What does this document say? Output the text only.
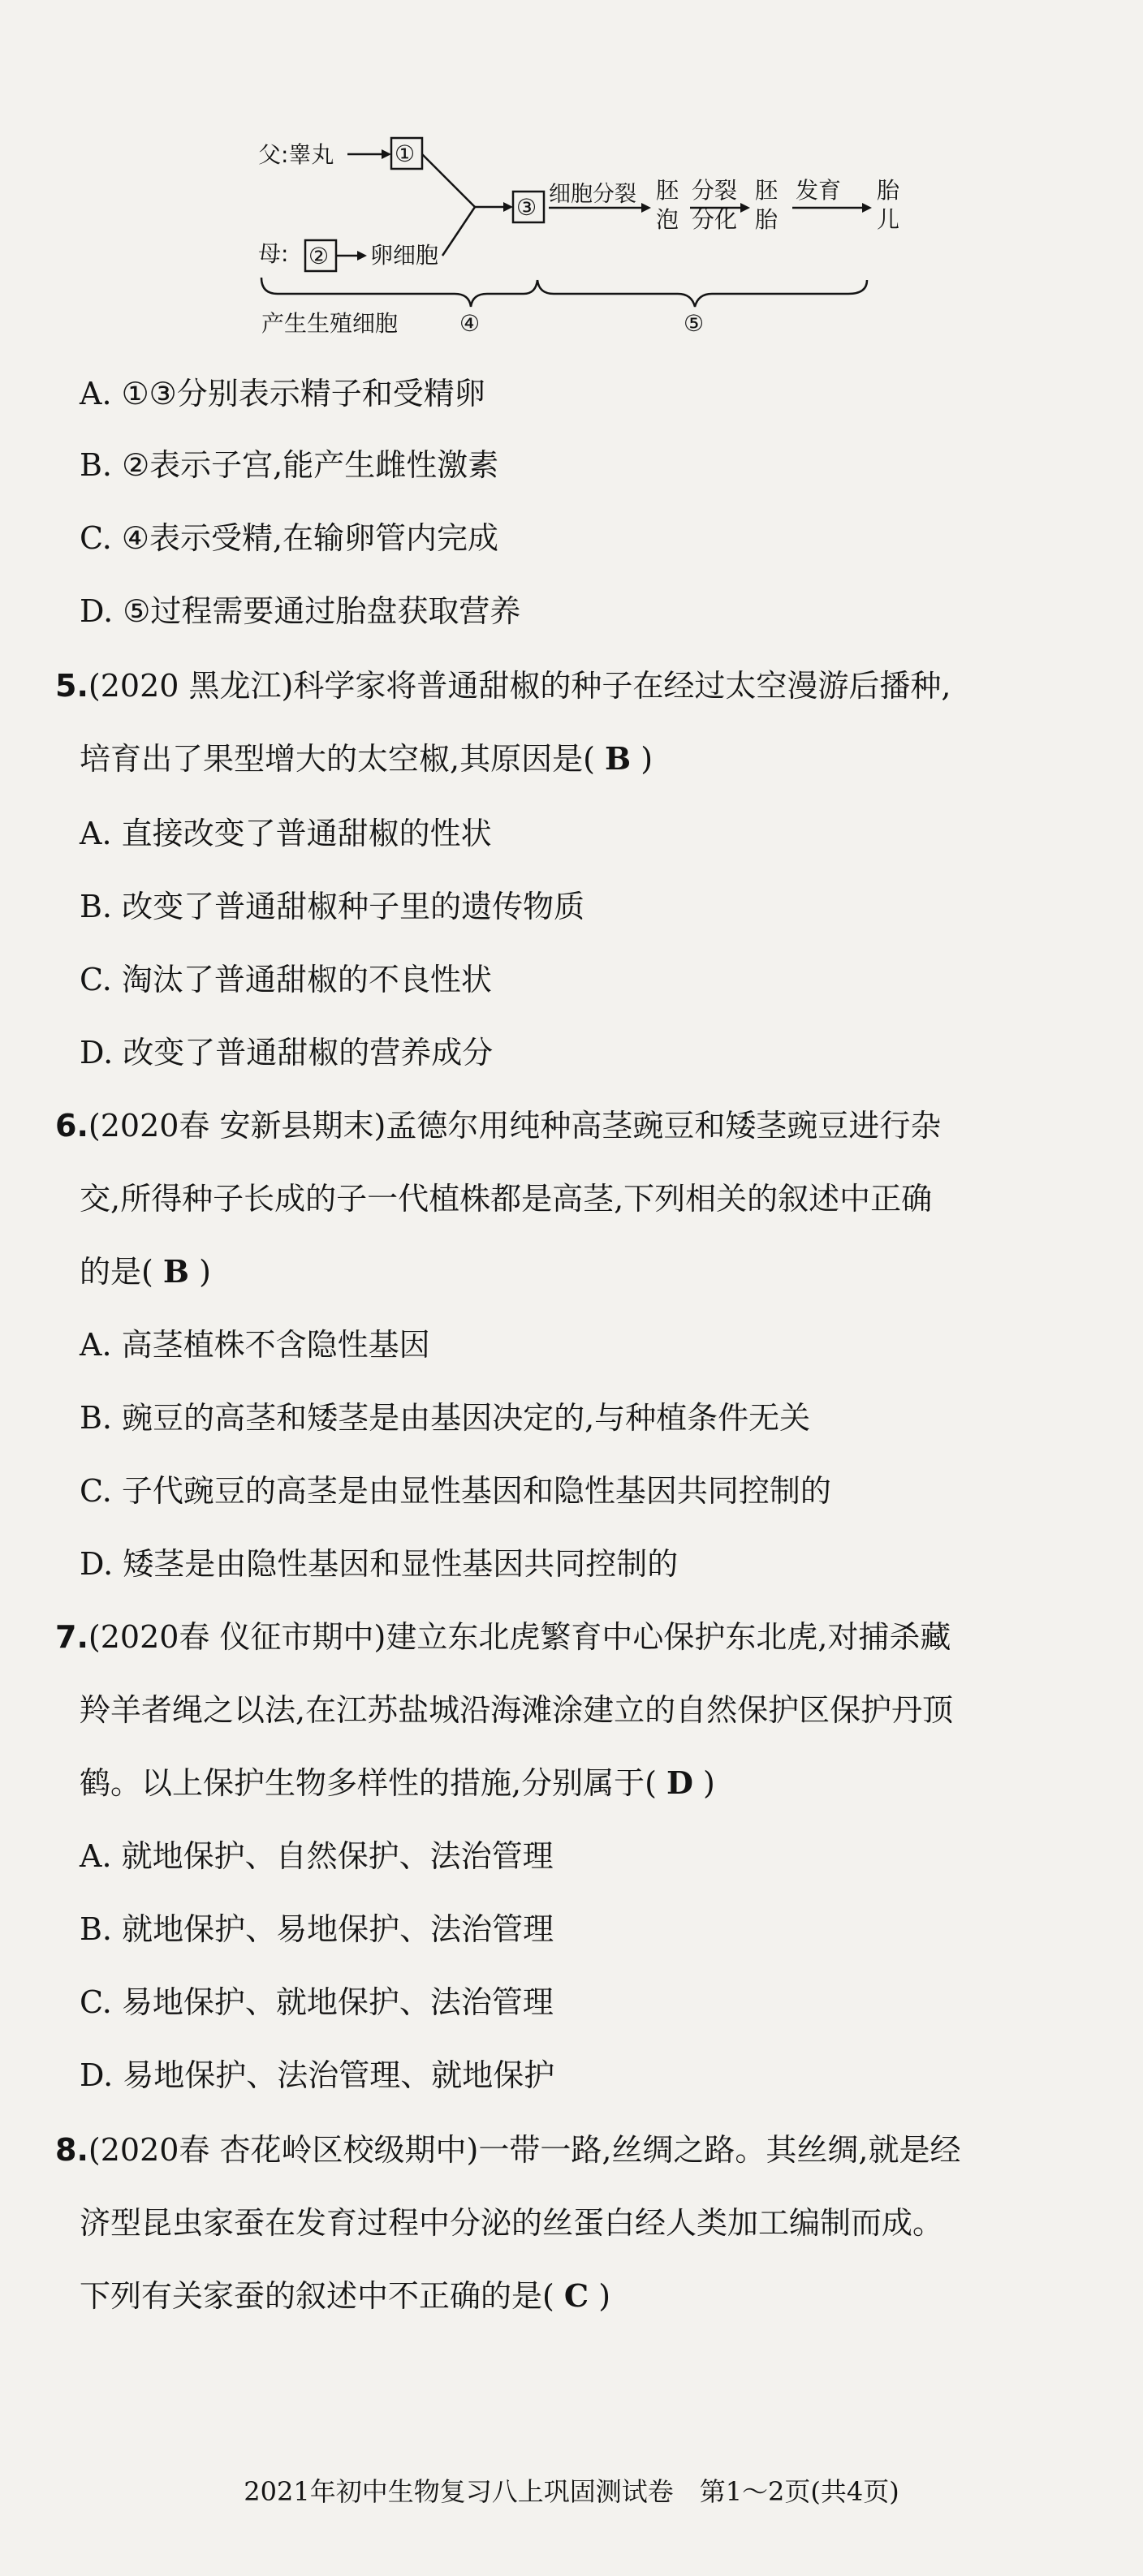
父:睾丸	①
③
母: ② 卵细胞
细胞分裂 胚
泡
分裂
分化
胚
胎
发育 胎
儿
产生生殖细胞	④	⑤
A. ①③分别表示精子和受精卵
B. ②表示子宫,能产生雌性激素
C. ④表示受精,在输卵管内完成
D. ⑤过程需要通过胎盘获取营养
5.(2020 黑龙江)科学家将普通甜椒的种子在经过太空漫游后播种,
培育出了果型增大的太空椒,其原因是( B )
A. 直接改变了普通甜椒的性状
B. 改变了普通甜椒种子里的遗传物质
C. 淘汰了普通甜椒的不良性状
D. 改变了普通甜椒的营养成分
6.(2020春 安新县期末)孟德尔用纯种高茎豌豆和矮茎豌豆进行杂
交,所得种子长成的子一代植株都是高茎,下列相关的叙述中正确
的是( B )
A. 高茎植株不含隐性基因
B. 豌豆的高茎和矮茎是由基因决定的,与种植条件无关
C. 子代豌豆的高茎是由显性基因和隐性基因共同控制的
D. 矮茎是由隐性基因和显性基因共同控制的
7.(2020春 仪征市期中)建立东北虎繁育中心保护东北虎,对捕杀藏
羚羊者绳之以法,在江苏盐城沿海滩涂建立的自然保护区保护丹顶
鹤。以上保护生物多样性的措施,分别属于( D )
A. 就地保护、自然保护、法治管理
B. 就地保护、易地保护、法治管理
C. 易地保护、就地保护、法治管理
D. 易地保护、法治管理、就地保护
8.(2020春 杏花岭区校级期中)一带一路,丝绸之路。其丝绸,就是经
济型昆虫家蚕在发育过程中分泌的丝蛋白经人类加工编制而成。
下列有关家蚕的叙述中不正确的是( C )
2021年初中生物复习八上巩固测试卷　第1～2页(共4页)
